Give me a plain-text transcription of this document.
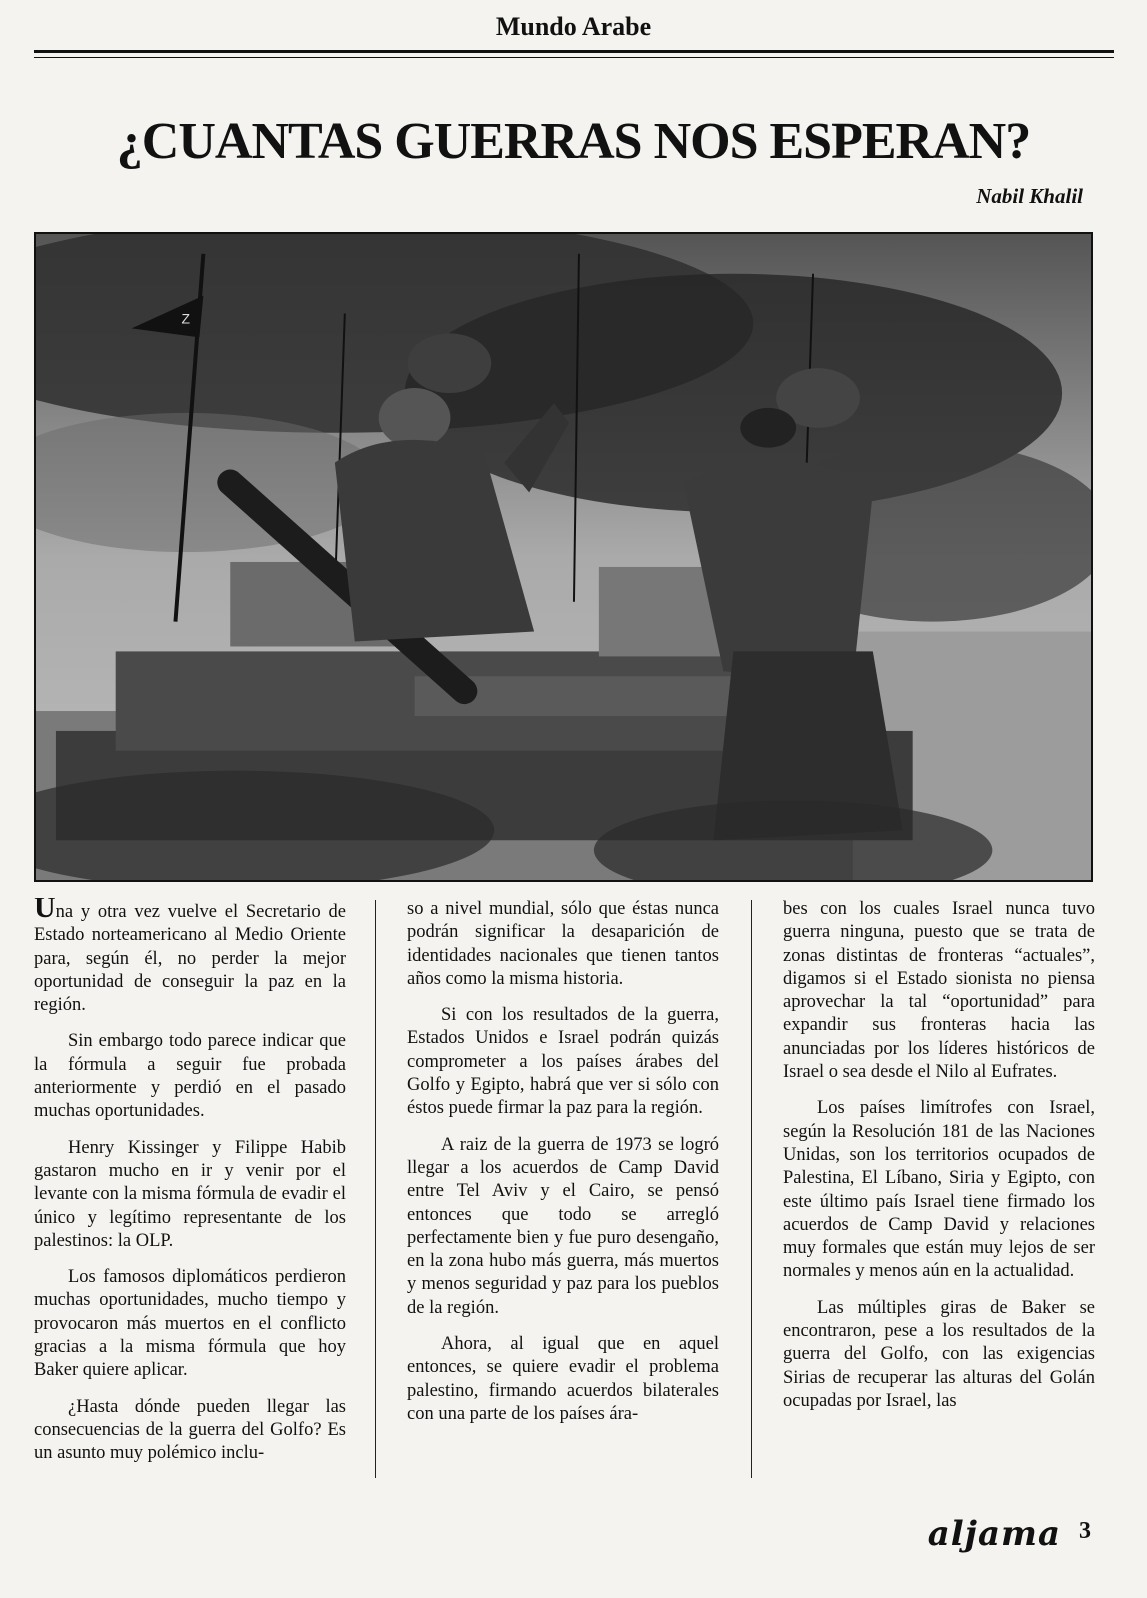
Mundo Arabe
¿CUANTAS GUERRAS NOS ESPERAN?
Nabil Khalil
Z

Una y otra vez vuelve el Secretario de Estado norteamericano al Medio Oriente para, según él, no perder la mejor oportunidad de conseguir la paz en la región.

Sin embargo todo parece indicar que la fórmula a seguir fue probada anteriormente y perdió en el pasado muchas oportunidades.

Henry Kissinger y Filippe Habib gastaron mucho en ir y venir por el levante con la misma fórmula de evadir el único y legítimo representante de los palestinos: la OLP.

Los famosos diplomáticos perdieron muchas oportunidades, mucho tiempo y provocaron más muertos en el conflicto gracias a la misma fórmula que hoy Baker quiere aplicar.

¿Hasta dónde pueden llegar las consecuencias de la guerra del Golfo? Es un asunto muy polémico inclu-

so a nivel mundial, sólo que éstas nunca podrán significar la desaparición de identidades nacionales que tienen tantos años como la misma historia.

Si con los resultados de la guerra, Estados Unidos e Israel podrán quizás comprometer a los países árabes del Golfo y Egipto, habrá que ver si sólo con éstos puede firmar la paz para la región.

A raiz de la guerra de 1973 se logró llegar a los acuerdos de Camp David entre Tel Aviv y el Cairo, se pensó entonces que todo se arregló perfectamente bien y fue puro desengaño, en la zona hubo más guerra, más muertos y menos seguridad y paz para los pueblos de la región.

Ahora, al igual que en aquel entonces, se quiere evadir el problema palestino, firmando acuerdos bilaterales con una parte de los países ára-

bes con los cuales Israel nunca tuvo guerra ninguna, puesto que se trata de zonas distintas de fronteras “actuales”, digamos si el Estado sionista no piensa aprovechar la tal “oportunidad” para expandir sus fronteras hacia las anunciadas por los líderes históricos de Israel o sea desde el Nilo al Eufrates.

Los países limítrofes con Israel, según la Resolución 181 de las Naciones Unidas, son los territorios ocupados de Palestina, El Líbano, Siria y Egipto, con este último país Israel tiene firmado los acuerdos de Camp David y relaciones muy formales que están muy lejos de ser normales y menos aún en la actualidad.

Las múltiples giras de Baker se encontraron, pese a los resultados de la guerra del Golfo, con las exigencias Sirias de recuperar las alturas del Golán ocupadas por Israel, las

aljama 3
